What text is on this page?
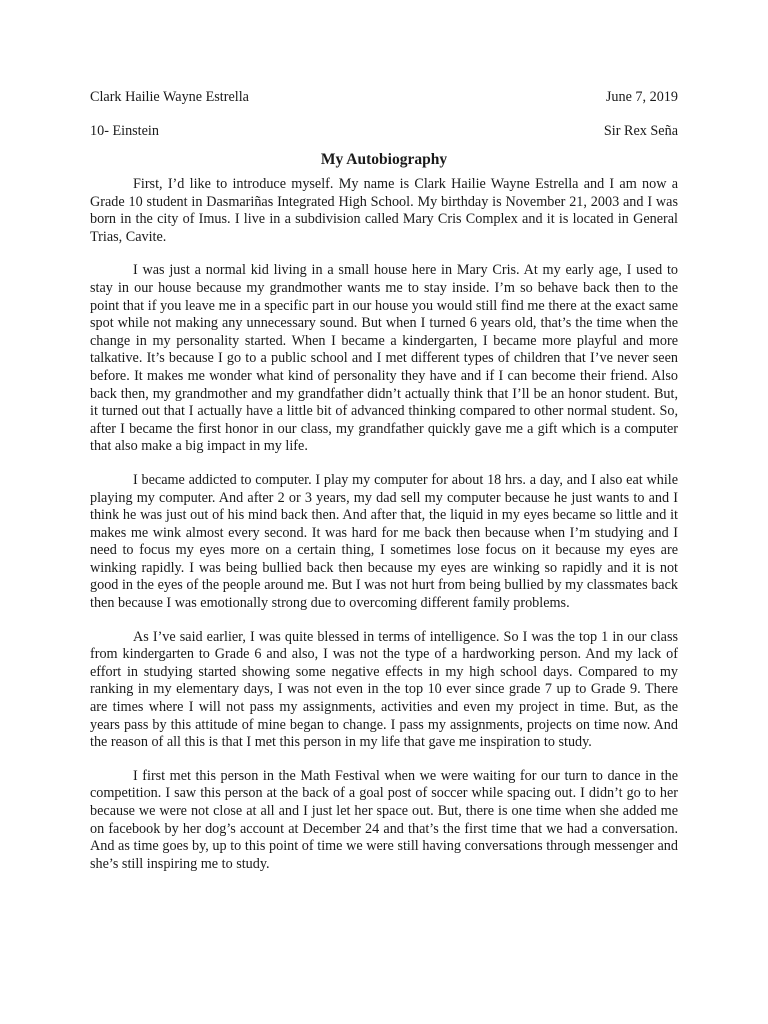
Clark Hailie Wayne Estrella	June 7, 2019
10- Einstein	Sir Rex Seña
My Autobiography

First, I’d like to introduce myself. My name is Clark Hailie Wayne Estrella and I am now a Grade 10 student in Dasmariñas Integrated High School. My birthday is November 21, 2003 and I was born in the city of Imus. I live in a subdivision called Mary Cris Complex and it is located in General Trias, Cavite.

I was just a normal kid living in a small house here in Mary Cris. At my early age, I used to stay in our house because my grandmother wants me to stay inside. I’m so behave back then to the point that if you leave me in a specific part in our house you would still find me there at the exact same spot while not making any unnecessary sound. But when I turned 6 years old, that’s the time when the change in my personality started. When I became a kindergarten, I became more playful and more talkative. It’s because I go to a public school and I met different types of children that I’ve never seen before. It makes me wonder what kind of personality they have and if I can become their friend. Also back then, my grandmother and my grandfather didn’t actually think that I’ll be an honor student. But, it turned out that I actually have a little bit of advanced thinking compared to other normal student. So, after I became the first honor in our class, my grandfather quickly gave me a gift which is a computer that also make a big impact in my life.

I became addicted to computer. I play my computer for about 18 hrs. a day, and I also eat while playing my computer. And after 2 or 3 years, my dad sell my computer because he just wants to and I think he was just out of his mind back then. And after that, the liquid in my eyes became so little and it makes me wink almost every second. It was hard for me back then because when I’m studying and I need to focus my eyes more on a certain thing, I sometimes lose focus on it because my eyes are winking rapidly. I was being bullied back then because my eyes are winking so rapidly and it is not good in the eyes of the people around me. But I was not hurt from being bullied by my classmates back then because I was emotionally strong due to overcoming different family problems.

As I’ve said earlier, I was quite blessed in terms of intelligence. So I was the top 1 in our class from kindergarten to Grade 6 and also, I was not the type of a hardworking person. And my lack of effort in studying started showing some negative effects in my high school days. Compared to my ranking in my elementary days, I was not even in the top 10 ever since grade 7 up to Grade 9. There are times where I will not pass my assignments, activities and even my project in time. But, as the years pass by this attitude of mine began to change. I pass my assignments, projects on time now. And the reason of all this is that I met this person in my life that gave me inspiration to study.

I first met this person in the Math Festival when we were waiting for our turn to dance in the competition. I saw this person at the back of a goal post of soccer while spacing out. I didn’t go to her because we were not close at all and I just let her space out. But, there is one time when she added me on facebook by her dog’s account at December 24 and that’s the first time that we had a conversation. And as time goes by, up to this point of time we were still having conversations through messenger and she’s still inspiring me to study.
